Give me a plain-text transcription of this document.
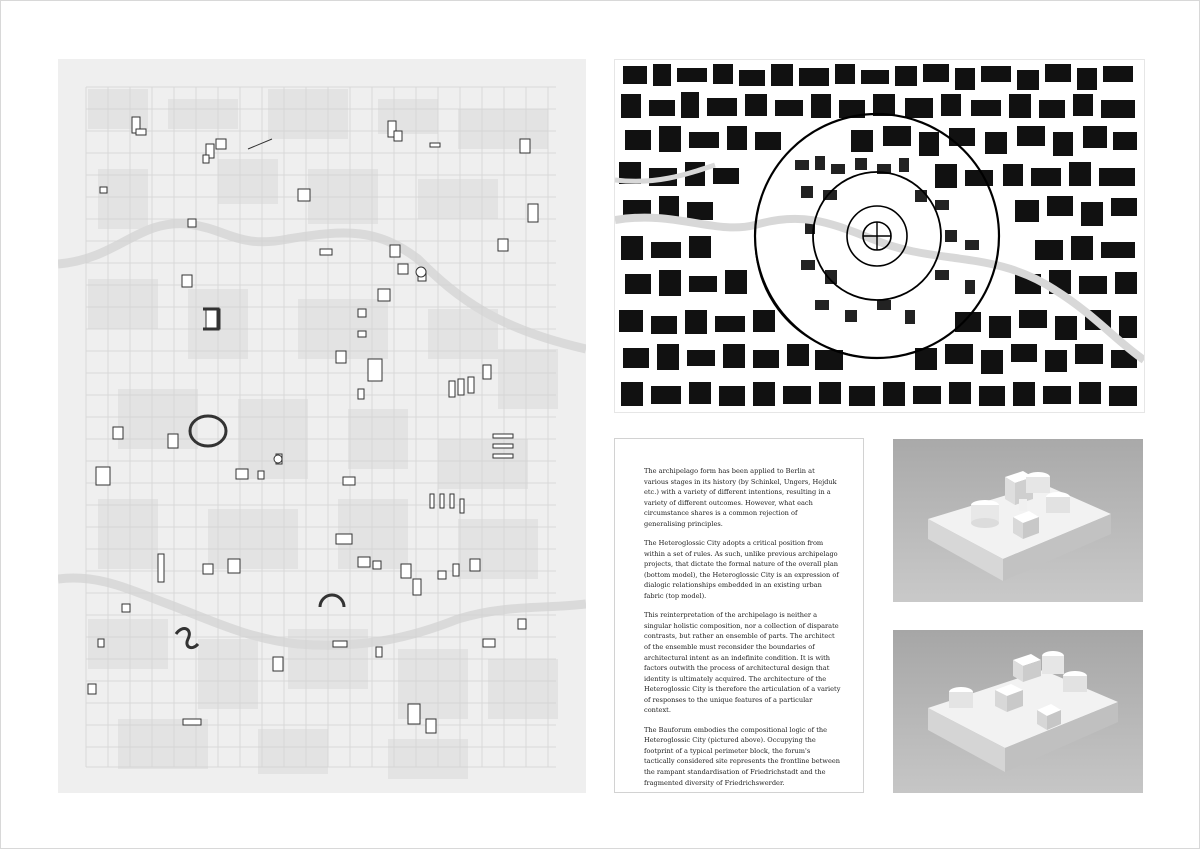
The archipelago form has been applied to Berlin at various stages in its history (by Schinkel, Ungers, Hejduk etc.) with a variety of different intentions, resulting in a variety of different outcomes. However, what each circumstance shares is a common rejection of generalising principles.

The Heteroglossic City adopts a critical position from within a set of rules. As such, unlike previous archipelago projects, that dictate the formal nature of the overall plan (bottom model), the Heteroglossic City is an expression of dialogic relationships embedded in an existing urban fabric (top model).

This reinterpretation of the archipelago is neither a singular holistic composition, nor a collection of disparate contrasts, but rather an ensemble of parts. The architect of the ensemble must reconsider the boundaries of architectural intent as an indefinite condition. It is with factors outwith the process of architectural design that identity is ultimately acquired. The architecture of the Heteroglossic City is therefore the articulation of a variety of responses to the unique features of a particular context.

The Bauforum embodies the compositional logic of the Heteroglossic City (pictured above). Occupying the footprint of a typical perimeter block, the forum's tactically considered site represents the frontline between the rampant standardisation of Friedrichstadt and the fragmented diversity of Friedrichswerder.
